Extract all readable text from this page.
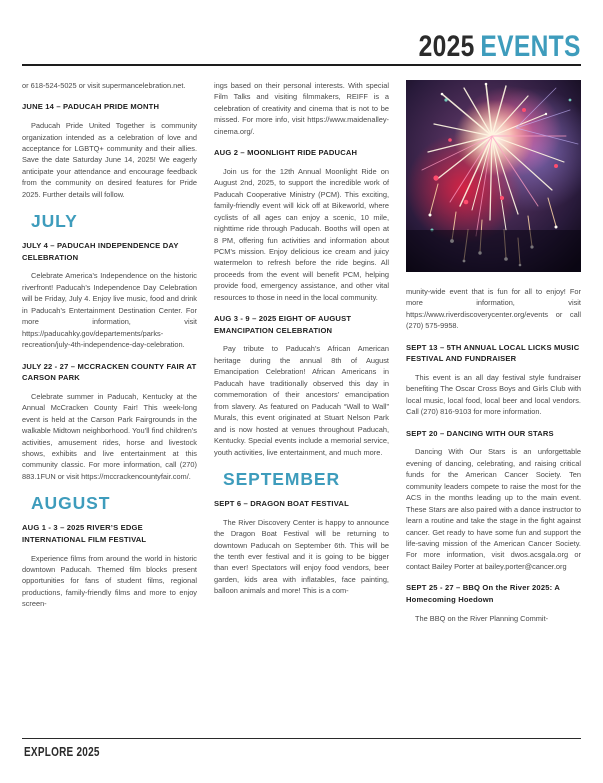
2025 EVENTS

or 618-524-5025 or visit supermancelebration.net.

JUNE 14 – PADUCAH PRIDE MONTH

Paducah Pride United Together is community organization intended as a celebration of love and acceptance for LGBTQ+ community and their allies. Save the date Saturday June 14, 2025! We eagerly anticipate your attendance and encourage feedback from the community on desired features for Pride 2025. Further details will follow.

JULY
JULY 4 – PADUCAH INDEPENDENCE DAY CELEBRATION

Celebrate America’s Independence on the historic riverfront! Paducah’s Independence Day Celebration will be Friday, July 4. Enjoy live music, food and drink in Paducah’s Entertainment Destination Center. For more information, visit https://paducahky.gov/departements/parks-recreation/july-4th-independence-day-celebration.

JULY 22 - 27 – MCCRACKEN COUNTY FAIR AT CARSON PARK

Celebrate summer in Paducah, Kentucky at the Annual McCracken County Fair! This week-long event is held at the Carson Park Fairgrounds in the walkable Midtown neighborhood. You’ll find children’s activities, amusement rides, horse and livestock shows, exhibits and live entertainment at this community classic. For more information, call (270) 883.1FUN or visit https://mccrackencountyfair.com/.

AUGUST
AUG 1 - 3 – 2025 RIVER’S EDGE INTERNATIONAL FILM FESTIVAL

Experience films from around the world in historic downtown Paducah. Themed film blocks present opportunities for fans of student films, regional productions, family-friendly films and more to enjoy screen-

ings based on their personal interests. With special Film Talks and visiting filmmakers, REIFF is a celebration of creativity and cinema that is not to be missed. For more info, visit https://www.maidenalley-cinema.org/.

AUG 2 – MOONLIGHT RIDE PADUCAH

Join us for the 12th Annual Moonlight Ride on August 2nd, 2025, to support the incredible work of Paducah Cooperative Ministry (PCM). This exciting, family-friendly event will kick off at Bikeworld, where cyclists of all ages can enjoy a scenic, 10 mile, nighttime ride through Paducah. Booths will open at 8 PM, offering fun activities and information about PCM’s mission. Enjoy delicious ice cream and juicy watermelon to refresh before the ride begins. All proceeds from the event will benefit PCM, helping provide food, emergency assistance, and other vital resources to those in need in the local community.

AUG 3 - 9 – 2025 EIGHT OF AUGUST EMANCIPATION CELEBRATION

Pay tribute to Paducah’s African American heritage during the annual 8th of August Emancipation Celebration! African Americans in Paducah have traditionally observed this day in commemoration of their ancestors’ emancipation from slavery. As featured on Paducah “Wall to Wall” Murals, this event originated at Stuart Nelson Park and is now hosted at venues throughout Paducah, Kentucky. Special events include a memorial service, youth activities, live entertainment, and much more.

SEPTEMBER
SEPT 6 – DRAGON BOAT FESTIVAL

The River Discovery Center is happy to announce the Dragon Boat Festival will be returning to downtown Paducah on September 6th. This will be the tenth ever festival and it is going to be bigger than ever! Spectators will enjoy food vendors, beer garden, kids area with inflatables, face painting, balloon animals and more! This is a com-

munity-wide event that is fun for all to enjoy! For more information, visit https://www.riverdiscoverycenter.org/events or call (270) 575-9958.

SEPT 13 – 5TH ANNUAL LOCAL LICKS MUSIC FESTIVAL AND FUNDRAISER

This event is an all day festival style fundraiser benefiting The Oscar Cross Boys and Girls Club with local music, local food, local beer and local vendors. Call (270) 816-9103 for more information.

SEPT 20 – DANCING WITH OUR STARS

Dancing With Our Stars is an unforgettable evening of dancing, celebrating, and raising critical funds for the American Cancer Society. Ten community leaders compete to raise the most for the ACS in the months leading up to the main event. These Stars are also paired with a dance instructor to learn a routine and take the stage in the fight against cancer. Get ready to have some fun and support the life-saving mission of the American Cancer Society. For more information, visit dwos.acsgala.org or contact Bailey Porter at bailey.porter@cancer.org

SEPT 25 - 27 – BBQ On the River 2025: A Homecoming Hoedown

The BBQ on the River Planning Commit-

EXPLORE 2025
